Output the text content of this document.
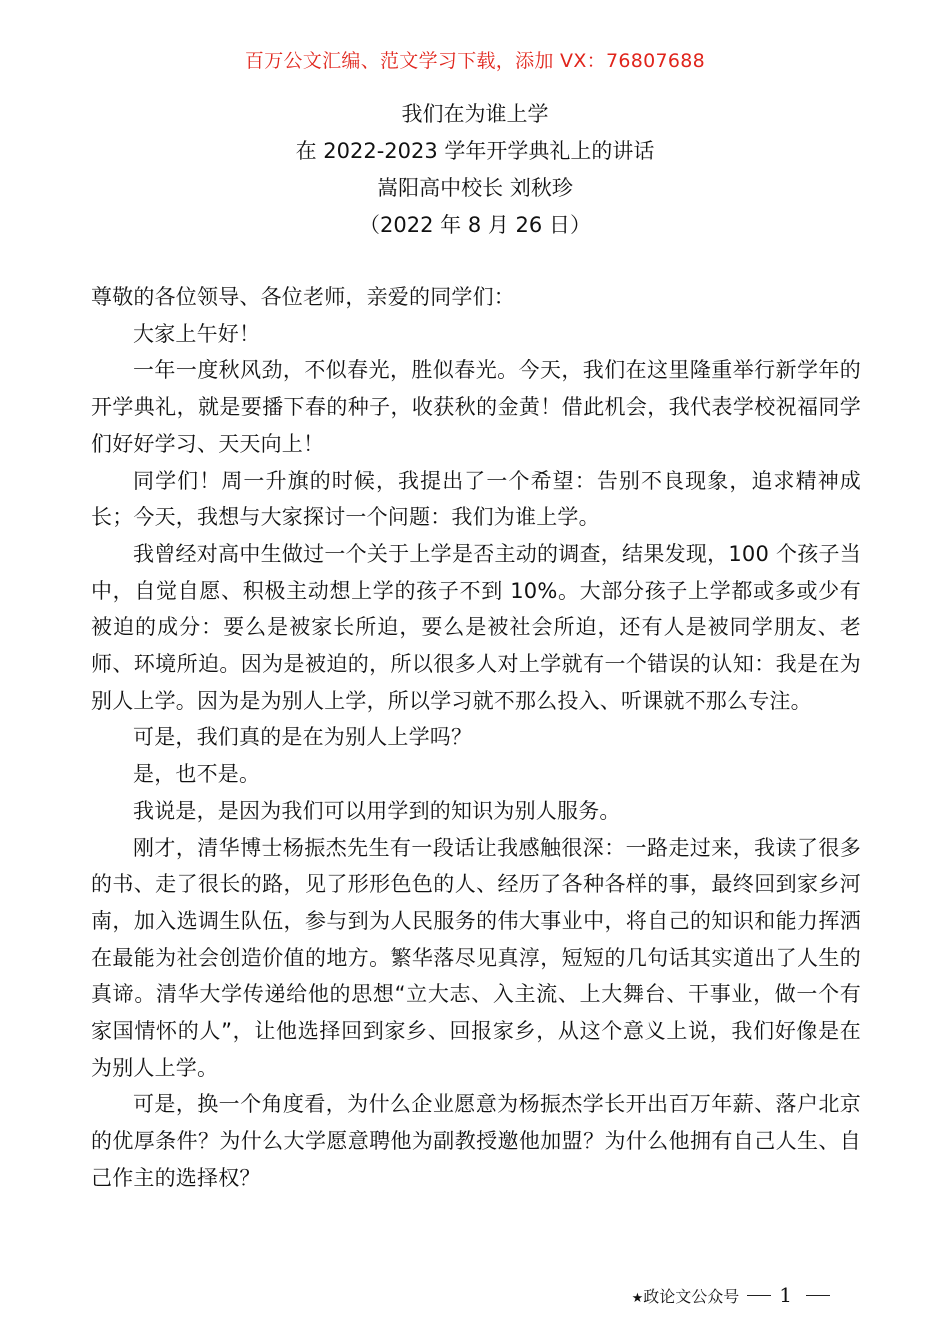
百万公文汇编、范文学习下载，添加 VX：76807688
我们在为谁上学
在 2022-2023 学年开学典礼上的讲话
嵩阳高中校长 刘秋珍
（2022 年 8 月 26 日）

尊敬的各位领导、各位老师，亲爱的同学们：

大家上午好！

一年一度秋风劲，不似春光，胜似春光。今天，我们在这里隆重举行新学年的开学典礼，就是要播下春的种子，收获秋的金黄！借此机会，我代表学校祝福同学们好好学习、天天向上！

同学们！周一升旗的时候，我提出了一个希望：告别不良现象，追求精神成长；今天，我想与大家探讨一个问题：我们为谁上学。

我曾经对高中生做过一个关于上学是否主动的调查，结果发现，100 个孩子当中，自觉自愿、积极主动想上学的孩子不到 10%。大部分孩子上学都或多或少有被迫的成分：要么是被家长所迫，要么是被社会所迫，还有人是被同学朋友、老师、环境所迫。因为是被迫的，所以很多人对上学就有一个错误的认知：我是在为别人上学。因为是为别人上学，所以学习就不那么投入、听课就不那么专注。

可是，我们真的是在为别人上学吗？

是，也不是。

我说是，是因为我们可以用学到的知识为别人服务。

刚才，清华博士杨振杰先生有一段话让我感触很深：一路走过来，我读了很多的书、走了很长的路，见了形形色色的人、经历了各种各样的事，最终回到家乡河南，加入选调生队伍，参与到为人民服务的伟大事业中，将自己的知识和能力挥洒在最能为社会创造价值的地方。繁华落尽见真淳，短短的几句话其实道出了人生的真谛。清华大学传递给他的思想“立大志、入主流、上大舞台、干事业，做一个有家国情怀的人”，让他选择回到家乡、回报家乡，从这个意义上说，我们好像是在为别人上学。

可是，换一个角度看，为什么企业愿意为杨振杰学长开出百万年薪、落户北京的优厚条件？为什么大学愿意聘他为副教授邀他加盟？为什么他拥有自己人生、自己作主的选择权？

★政论文公众号 1
